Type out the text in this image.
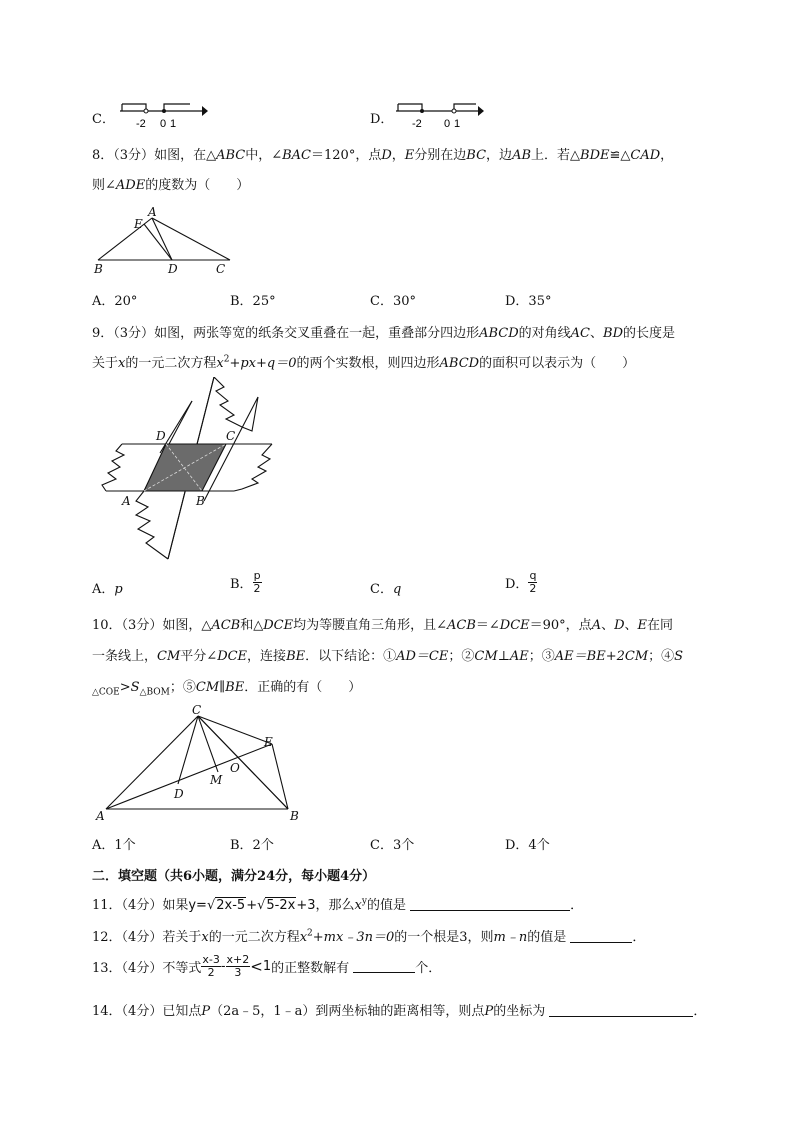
C． -2 0 1	D． -2 0 1
8．（3分）如图，在△ABC中，∠BAC＝120°，点D，E分别在边BC，边AB上．若△BDE≌△CAD，
则∠ADE的度数为（　　）
A
E
B	D	C
A．20°	B．25°	C．30°	D．35°
9．（3分）如图，两张等宽的纸条交叉重叠在一起，重叠部分四边形ABCD的对角线AC、BD的长度是
关于x的一元二次方程$x^2+px+q=0$的两个实数根，则四边形ABCD的面积可以表示为（　　）
D	C
A	B
A．p	B． $\frac{p}{2}$	C．q	D． $\frac{q}{2}$
10．（3分）如图，△ACB和△DCE均为等腰直角三角形，且∠ACB＝∠DCE＝90°，点A、D、E在同
一条线上，CM平分∠DCE，连接BE．以下结论：①AD＝CE；②CM⊥AE；③AE＝BE+2CM；④S
$_{\triangle COE}>S_{\triangle BOM}$；⑤CM∥BE．正确的有（　　）
C
E
O
M
D
A	B
A．1个	B．2个	C．3个	D．4个
二．填空题（共6小题，满分24分，每小题4分）
11．（4分）如果y=√2x-5+√5-2x+3，那么$x^y$的值是	．
12．（4分）若关于x的一元二次方程$x^2+mx﹣3n=0$的一个根是3，则m﹣n的值是	．
13．（4分）不等式 $\frac{x-3}{2} - \frac{x+2}{3} <1$的正整数解有	个．
14．（4分）已知点P（2a﹣5，1﹣a）到两坐标轴的距离相等，则点P的坐标为	．
